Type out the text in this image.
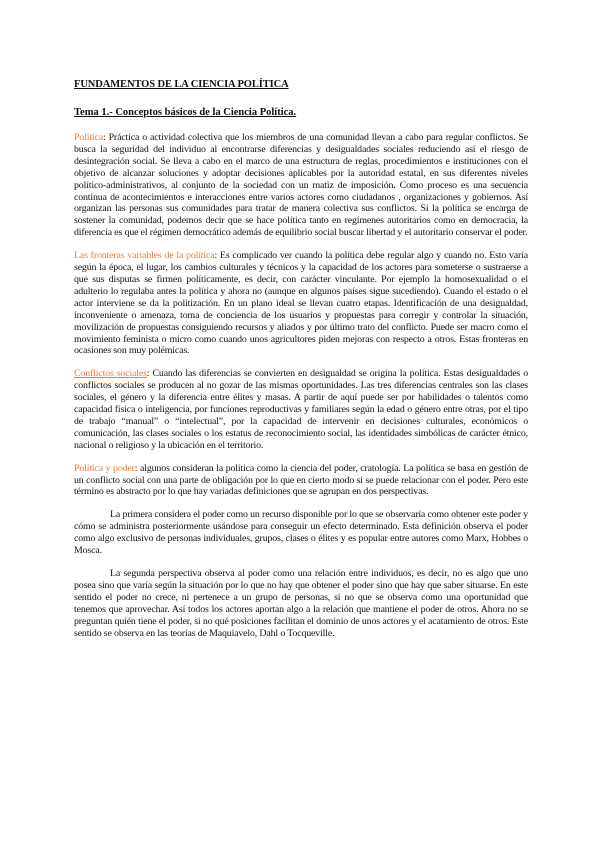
FUNDAMENTOS DE LA CIENCIA POLÍTICA
Tema 1.- Conceptos básicos de la Ciencia Política.

Política: Práctica o actividad colectiva que los miembros de una comunidad llevan a cabo para regular conflictos. Se busca la seguridad del individuo al encontrarse diferencias y desigualdades sociales reduciendo así el riesgo de desintegración social. Se lleva a cabo en el marco de una estructura de reglas, procedimientos e instituciones con el objetivo de alcanzar soluciones y adoptar decisiones aplicables por la autoridad estatal, en sus diferentes niveles político-administrativos, al conjunto de la sociedad con un matiz de imposición. Como proceso es una secuencia continua de acontecimientos e interacciones entre varios actores como ciudadanos , organizaciones y gobiernos. Así organizan las personas sus comunidades para tratar de manera colectiva sus conflictos. Si la política se encarga de sostener la comunidad, podemos decir que se hace política tanto en regímenes autoritarios como en democracia, la diferencia es que el régimen democrático además de equilibrio social buscar libertad y el autoritario conservar el poder.

Las fronteras variables de la política: Es complicado ver cuando la política debe regular algo y cuando no. Esto varía según la época, el lugar, los cambios culturales y técnicos y la capacidad de los actores para someterse o sustraerse a que sus disputas se firmen políticamente, es decir, con carácter vinculante. Por ejemplo la homosexualidad o el adulterio lo regulaba antes la política y ahora no (aunque en algunos países sigue sucediendo). Cuando el estado o el actor interviene se da la politización. En un plano ideal se llevan cuatro etapas. Identificación de una desigualdad, inconveniente o amenaza, toma de conciencia de los usuarios y propuestas para corregir y controlar la situación, movilización de propuestas consiguiendo recursos y aliados y por último trato del conflicto. Puede ser macro como el movimiento feminista o micro como cuando unos agricultores piden mejoras con respecto a otros. Estas fronteras en ocasiones son muy polémicas.

Conflictos sociales: Cuando las diferencias se convierten en desigualdad se origina la política. Estas desigualdades o conflictos sociales se producen al no gozar de las mismas oportunidades. Las tres diferencias centrales son las clases sociales, el género y la diferencia entre élites y masas. A partir de aquí puede ser por habilidades o talentos como capacidad física o inteligencia, por funciones reproductivas y familiares según la edad o género entre otras, por el tipo de trabajo “manual” o “intelectual”, por la capacidad de intervenir en decisiones culturales, económicos o comunicación, las clases sociales o los estatus de reconocimiento social, las identidades simbólicas de carácter étnico, nacional o religioso y la ubicación en el territorio.

Política y poder: algunos consideran la política como la ciencia del poder, cratología. La política se basa en gestión de un conflicto social con una parte de obligación por lo que en cierto modo si se puede relacionar con el poder. Pero este término es abstracto por lo que hay variadas definiciones que se agrupan en dos perspectivas.

La primera considera el poder como un recurso disponible por lo que se observaría como obtener este poder y cómo se administra posteriormente usándose para conseguir un efecto determinado. Esta definición observa el poder como algo exclusivo de personas individuales, grupos, clases o élites y es popular entre autores como Marx, Hobbes o Mosca.

La segunda perspectiva observa al poder como una relación entre individuos, es decir, no es algo que uno posea sino que varía según la situación por lo que no hay que obtener el poder sino que hay que saber situarse. En este sentido el poder no crece, ni pertenece a un grupo de personas, si no que se observa como una oportunidad que tenemos que aprovechar. Así todos los actores aportan algo a la relación que mantiene el poder de otros. Ahora no se preguntan quién tiene el poder, si no qué posiciones facilitan el dominio de unos actores y el acatamiento de otros. Este sentido se observa en las teorías de Maquiavelo, Dahl o Tocqueville.
